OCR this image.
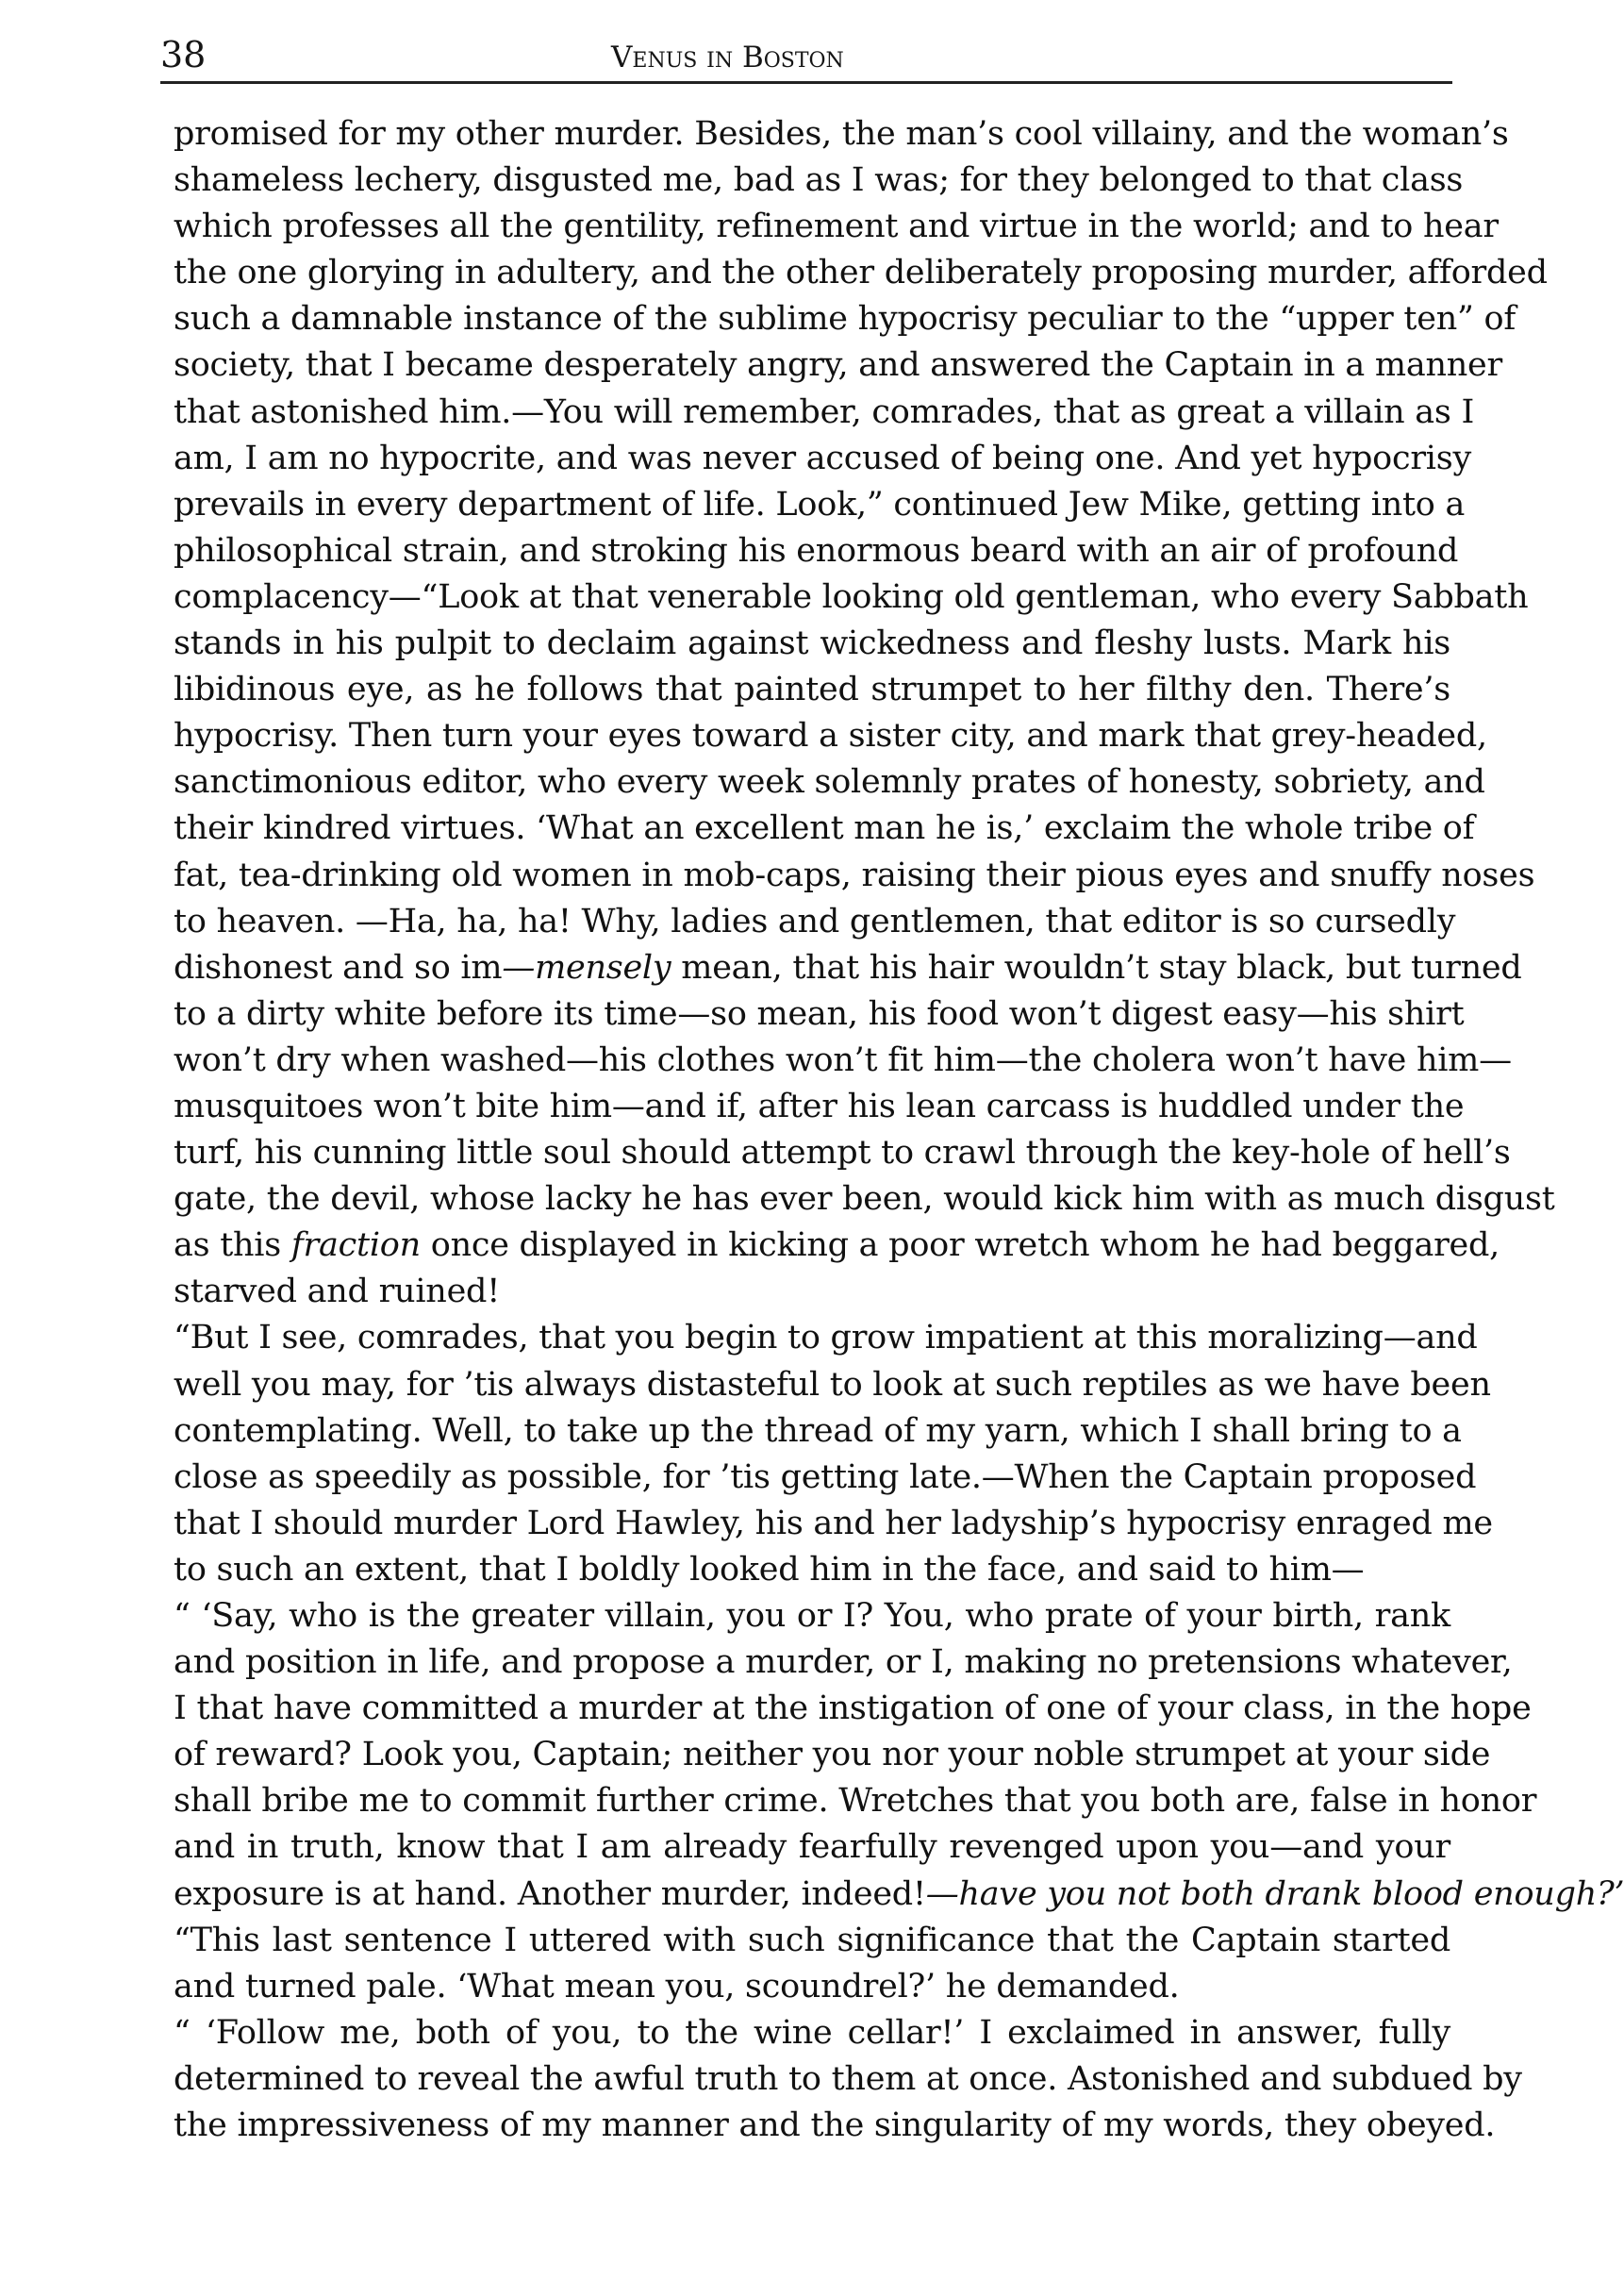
38	Venus in Boston
promised for my other murder. Besides, the man’s cool villainy, and the woman’s
shameless lechery, disgusted me, bad as I was; for they belonged to that class
which professes all the gentility, refinement and virtue in the world; and to hear
the one glorying in adultery, and the other deliberately proposing murder, afforded
such a damnable instance of the sublime hypocrisy peculiar to the “upper ten” of
society, that I became desperately angry, and answered the Captain in a manner
that astonished him.—You will remember, comrades, that as great a villain as I
am, I am no hypocrite, and was never accused of being one. And yet hypocrisy
prevails in every department of life. Look,” continued Jew Mike, getting into a
philosophical strain, and stroking his enormous beard with an air of profound
complacency—“Look at that venerable looking old gentleman, who every Sabbath
stands in his pulpit to declaim against wickedness and fleshy lusts. Mark his
libidinous eye, as he follows that painted strumpet to her filthy den. There’s
hypocrisy. Then turn your eyes toward a sister city, and mark that grey-headed,
sanctimonious editor, who every week solemnly prates of honesty, sobriety, and
their kindred virtues. ‘What an excellent man he is,’ exclaim the whole tribe of
fat, tea-drinking old women in mob-caps, raising their pious eyes and snuffy noses
to heaven. —Ha, ha, ha! Why, ladies and gentlemen, that editor is so cursedly
dishonest and so im—mensely mean, that his hair wouldn’t stay black, but turned
to a dirty white before its time—so mean, his food won’t digest easy—his shirt
won’t dry when washed—his clothes won’t fit him—the cholera won’t have him—
musquitoes won’t bite him—and if, after his lean carcass is huddled under the
turf, his cunning little soul should attempt to crawl through the key-hole of hell’s
gate, the devil, whose lacky he has ever been, would kick him with as much disgust
as this fraction once displayed in kicking a poor wretch whom he had beggared,
starved and ruined!
“But I see, comrades, that you begin to grow impatient at this moralizing—and
well you may, for ’tis always distasteful to look at such reptiles as we have been
contemplating. Well, to take up the thread of my yarn, which I shall bring to a
close as speedily as possible, for ’tis getting late.—When the Captain proposed
that I should murder Lord Hawley, his and her ladyship’s hypocrisy enraged me
to such an extent, that I boldly looked him in the face, and said to him—
“ ‘Say, who is the greater villain, you or I? You, who prate of your birth, rank
and position in life, and propose a murder, or I, making no pretensions whatever,
I that have committed a murder at the instigation of one of your class, in the hope
of reward? Look you, Captain; neither you nor your noble strumpet at your side
shall bribe me to commit further crime. Wretches that you both are, false in honor
and in truth, know that I am already fearfully revenged upon you—and your
exposure is at hand. Another murder, indeed!—have you not both drank blood enough?’
“This last sentence I uttered with such significance that the Captain started
and turned pale. ‘What mean you, scoundrel?’ he demanded.
“ ‘Follow me, both of you, to the wine cellar!’ I exclaimed in answer, fully
determined to reveal the awful truth to them at once. Astonished and subdued by
the impressiveness of my manner and the singularity of my words, they obeyed.
